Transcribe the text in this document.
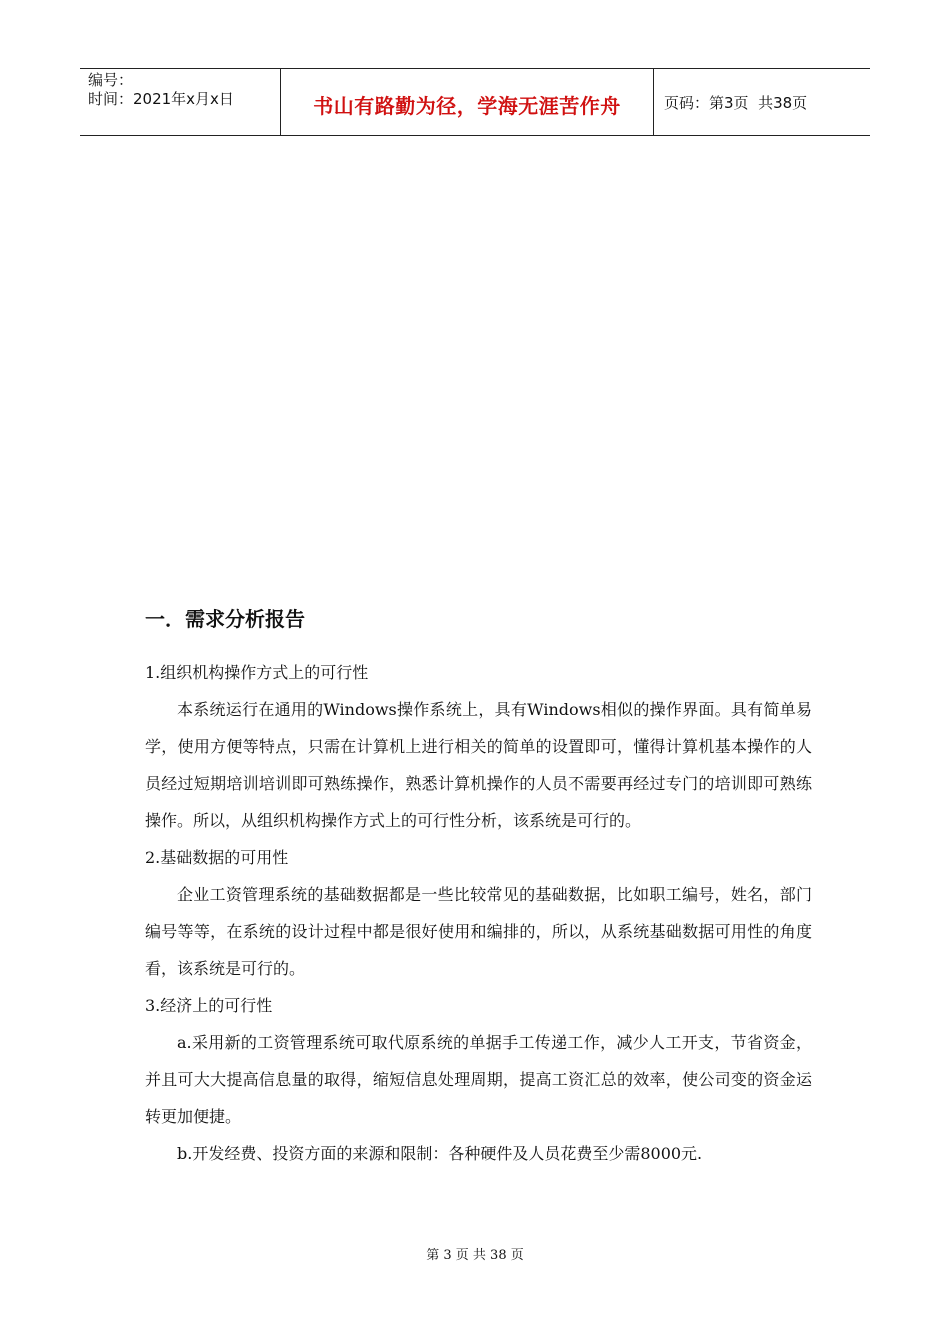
编号：
时间：2021年x月x日	书山有路勤为径，学海无涯苦作舟	页码：第3页  共38页
一．需求分析报告

1.组织机构操作方式上的可行性

本系统运行在通用的Windows操作系统上，具有Windows相似的操作界面。具有简单易学，使用方便等特点，只需在计算机上进行相关的简单的设置即可，懂得计算机基本操作的人员经过短期培训培训即可熟练操作，熟悉计算机操作的人员不需要再经过专门的培训即可熟练操作。所以，从组织机构操作方式上的可行性分析，该系统是可行的。

2.基础数据的可用性

企业工资管理系统的基础数据都是一些比较常见的基础数据，比如职工编号，姓名，部门编号等等，在系统的设计过程中都是很好使用和编排的，所以，从系统基础数据可用性的角度看，该系统是可行的。

3.经济上的可行性

a.采用新的工资管理系统可取代原系统的单据手工传递工作，减少人工开支，节省资金，并且可大大提高信息量的取得，缩短信息处理周期，提高工资汇总的效率，使公司变的资金运转更加便捷。

b.开发经费、投资方面的来源和限制：各种硬件及人员花费至少需8000元.

第 3 页 共 38 页
